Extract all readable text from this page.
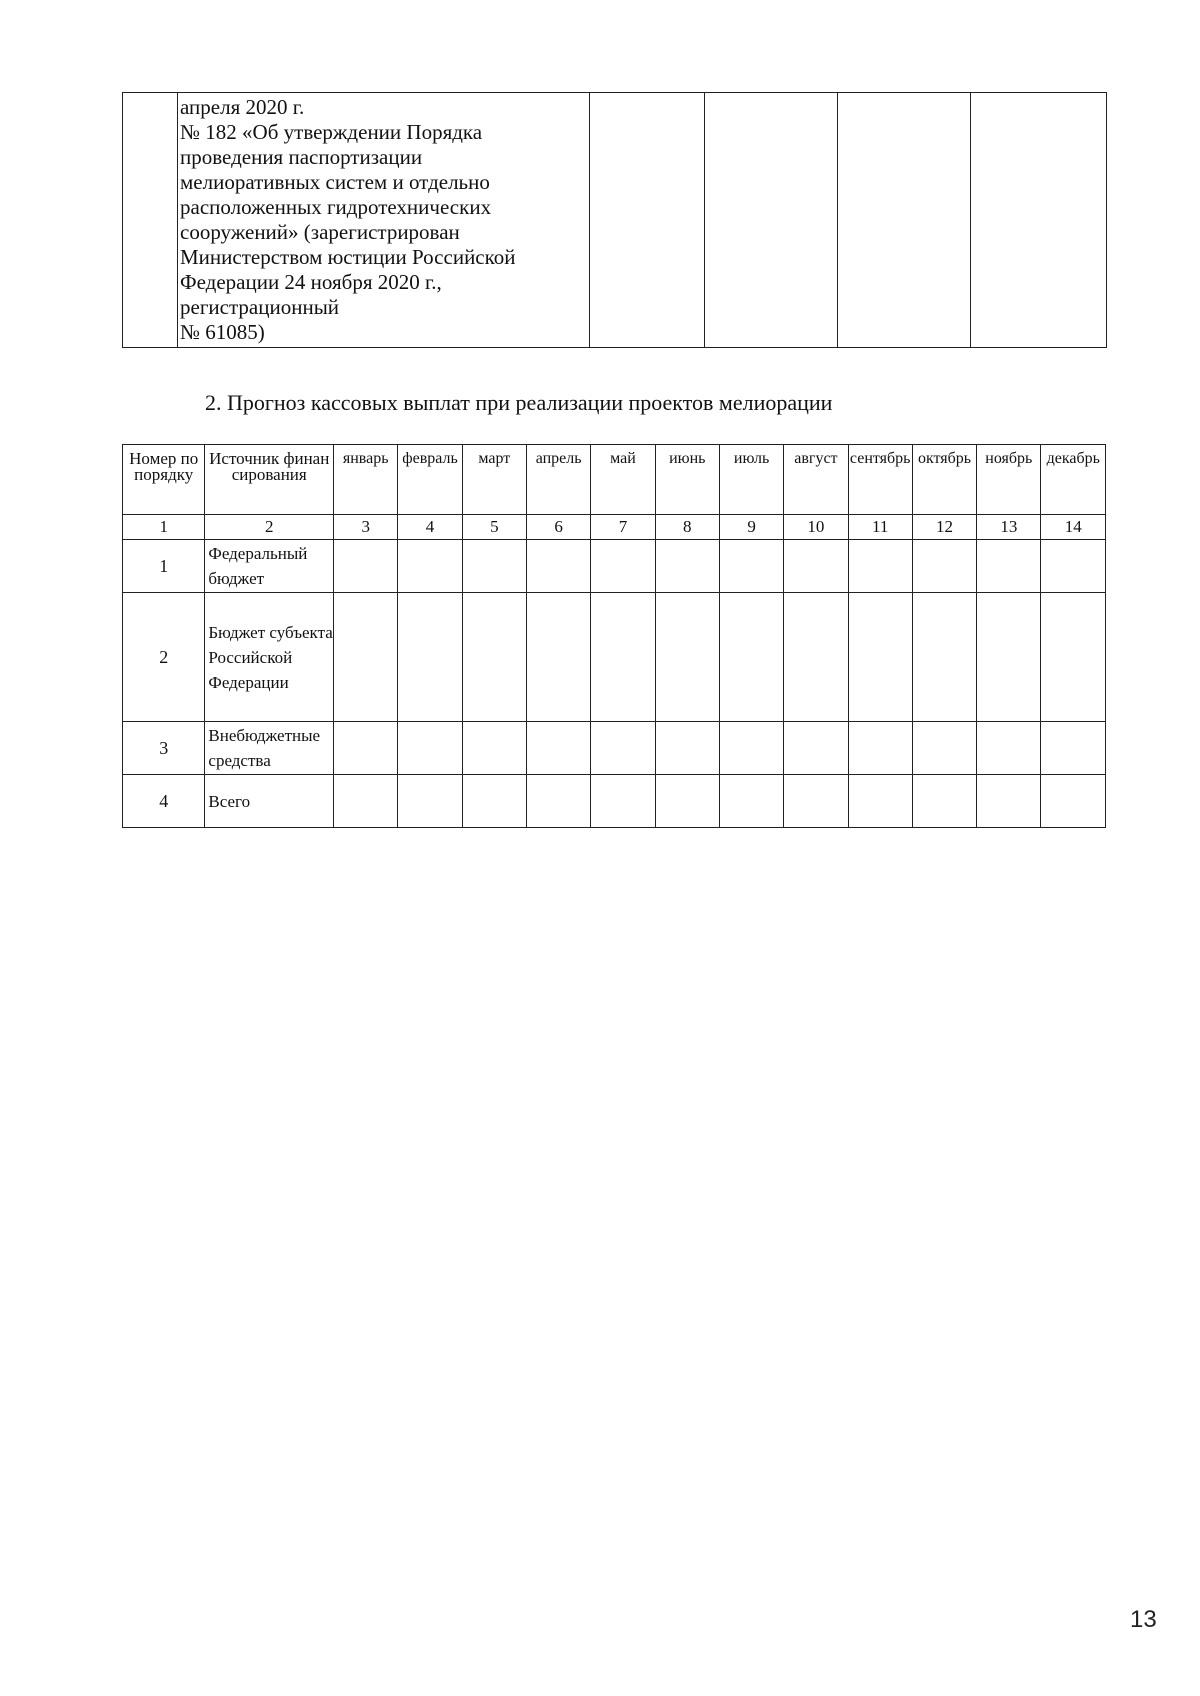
апреля 2020 г.
№ 182 «Об утверждении Порядка
проведения паспортизации
мелиоративных систем и отдельно
расположенных гидротехнических
сооружений» (зарегистрирован
Министерством юстиции Российской
Федерации 24 ноября 2020 г.,
регистрационный
№ 61085)

2. Прогноз кассовых выплат при реализации проектов мелиорации
Номер по порядку	Источник финансирования	январь	февраль	март	апрель	май	июнь	июль	август	сентябрь	октябрь	ноябрь	декабрь
1	2	3	4	5	6	7	8	9	10	11	12	13	14
1	Федеральный бюджет												
2	Бюджет субъекта Российской Федерации												
3	Внебюджетные средства												
4	Всего												
13
